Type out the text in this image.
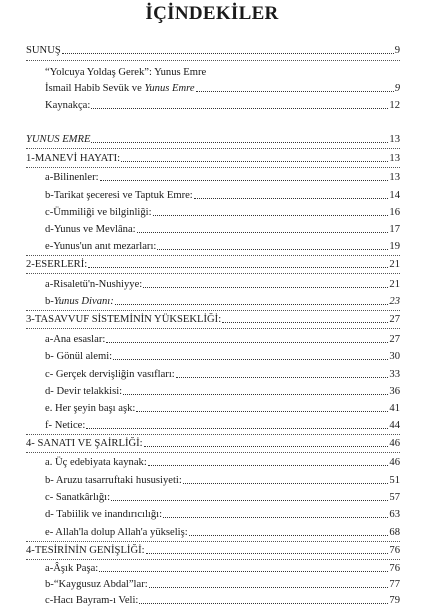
İÇİNDEKİLER
SUNUŞ	9
“Yolcuya Yoldaş Gerek”: Yunus Emre
İsmail Habib Sevük ve Yunus Emre	9
Kaynakça:	12
YUNUS EMRE	13
1-MANEVİ HAYATI:	13
a-Bilinenler:	13
b-Tarikat şeceresi ve Taptuk Emre:	14
c-Ümmiliği ve bilginliği:	16
d-Yunus ve Mevlâna:	17
e-Yunus'un anıt mezarları:	19
2-ESERLERİ:	21
a-Risaletü'n-Nushiyye:	21
b-Yunus Divanı:	23
3-TASAVVUF SİSTEMİNİN YÜKSEKLİĞİ:	27
a-Ana esaslar:	27
b- Gönül alemi:	30
c- Gerçek dervişliğin vasıfları:	33
d- Devir telakkisi:	36
e. Her şeyin başı aşk:	41
f- Netice:	44
4- SANATI VE ŞAİRLİĞİ:	46
a. Üç edebiyata kaynak:	46
b- Aruzu tasarruftaki hususiyeti:	51
c- Sanatkârlığı:	57
d- Tabiilik ve inandırıcılığı:	63
e- Allah'la dolup Allah'a yükseliş:	68
4-TESİRİNİN GENİŞLİĞİ:	76
a-Âşık Paşa:	76
b-“Kaygusuz Abdal”lar:	77
c-Hacı Bayram-ı Veli:	79
